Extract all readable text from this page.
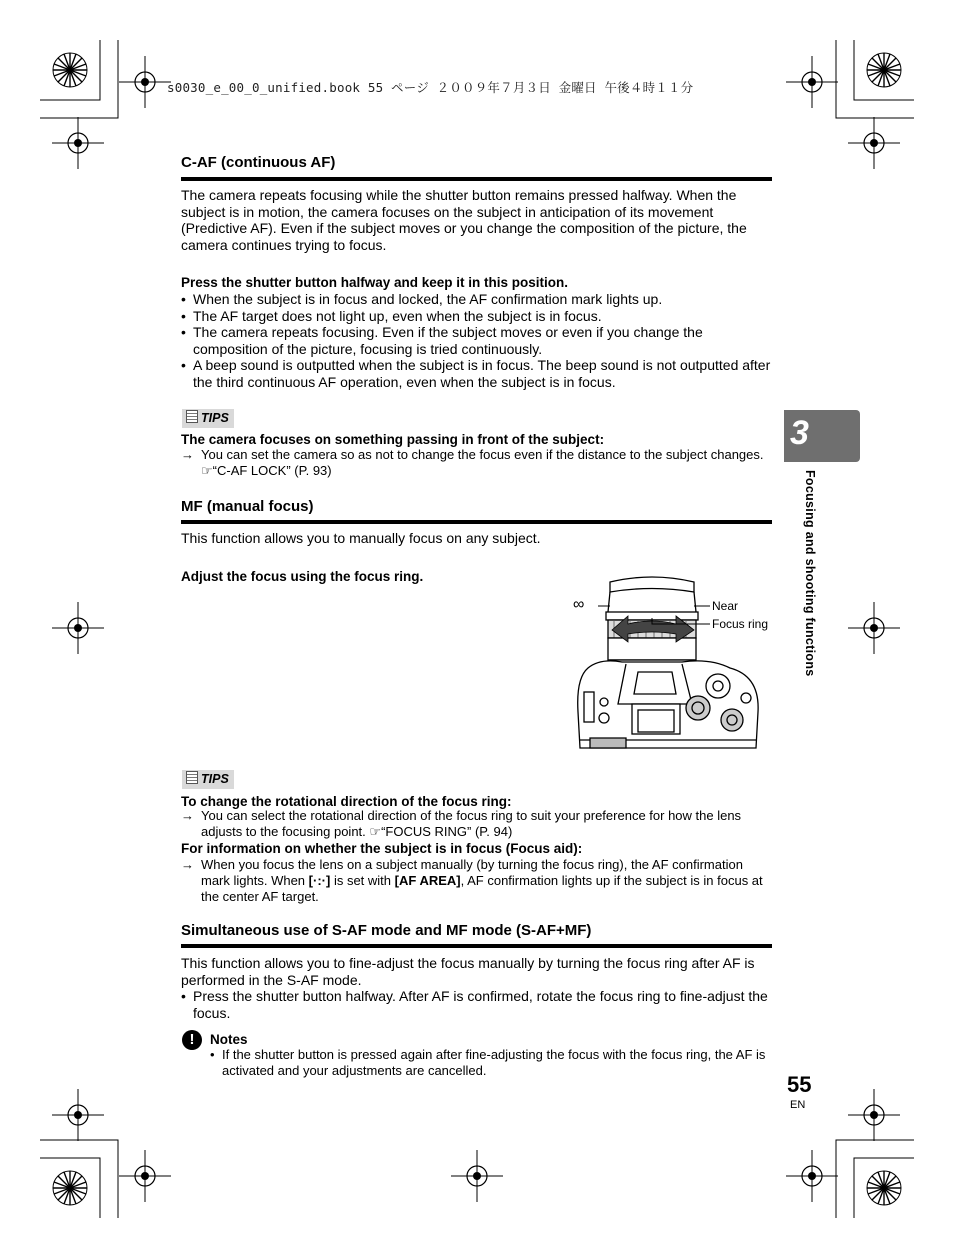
s0030_e_00_0_unified.book 55 ページ ２００９年７月３日 金曜日 午後４時１１分
C-AF (continuous AF)
The camera repeats focusing while the shutter button remains pressed halfway. When the subject is in motion, the camera focuses on the subject in anticipation of its movement (Predictive AF). Even if the subject moves or you change the composition of the picture, the camera continues trying to focus.
Press the shutter button halfway and keep it in this position.
• When the subject is in focus and locked, the AF confirmation mark lights up.
• The AF target does not light up, even when the subject is in focus.
• The camera repeats focusing. Even if the subject moves or even if you change the composition of the picture, focusing is tried continuously.
• A beep sound is outputted when the subject is in focus. The beep sound is not outputted after the third continuous AF operation, even when the subject is in focus.
TIPS
The camera focuses on something passing in front of the subject:
→ You can set the camera so as not to change the focus even if the distance to the subject changes. ☞“C-AF LOCK” (P. 93)
MF (manual focus)
This function allows you to manually focus on any subject.
Adjust the focus using the focus ring.
∞	Near
Focus ring
TIPS
To change the rotational direction of the focus ring:
→ You can select the rotational direction of the focus ring to suit your preference for how the lens adjusts to the focusing point. ☞“FOCUS RING” (P. 94)
For information on whether the subject is in focus (Focus aid):
→ When you focus the lens on a subject manually (by turning the focus ring), the AF confirmation mark lights. When [·:·] is set with [AF AREA], AF confirmation lights up if the subject is in focus at the center AF target.
Simultaneous use of S-AF mode and MF mode (S-AF+MF)
This function allows you to fine-adjust the focus manually by turning the focus ring after AF is performed in the S-AF mode.
• Press the shutter button halfway. After AF is confirmed, rotate the focus ring to fine-adjust the focus.
!	Notes
• If the shutter button is pressed again after fine-adjusting the focus with the focus ring, the AF is activated and your adjustments are cancelled.
3
Focusing and shooting functions
55
EN
